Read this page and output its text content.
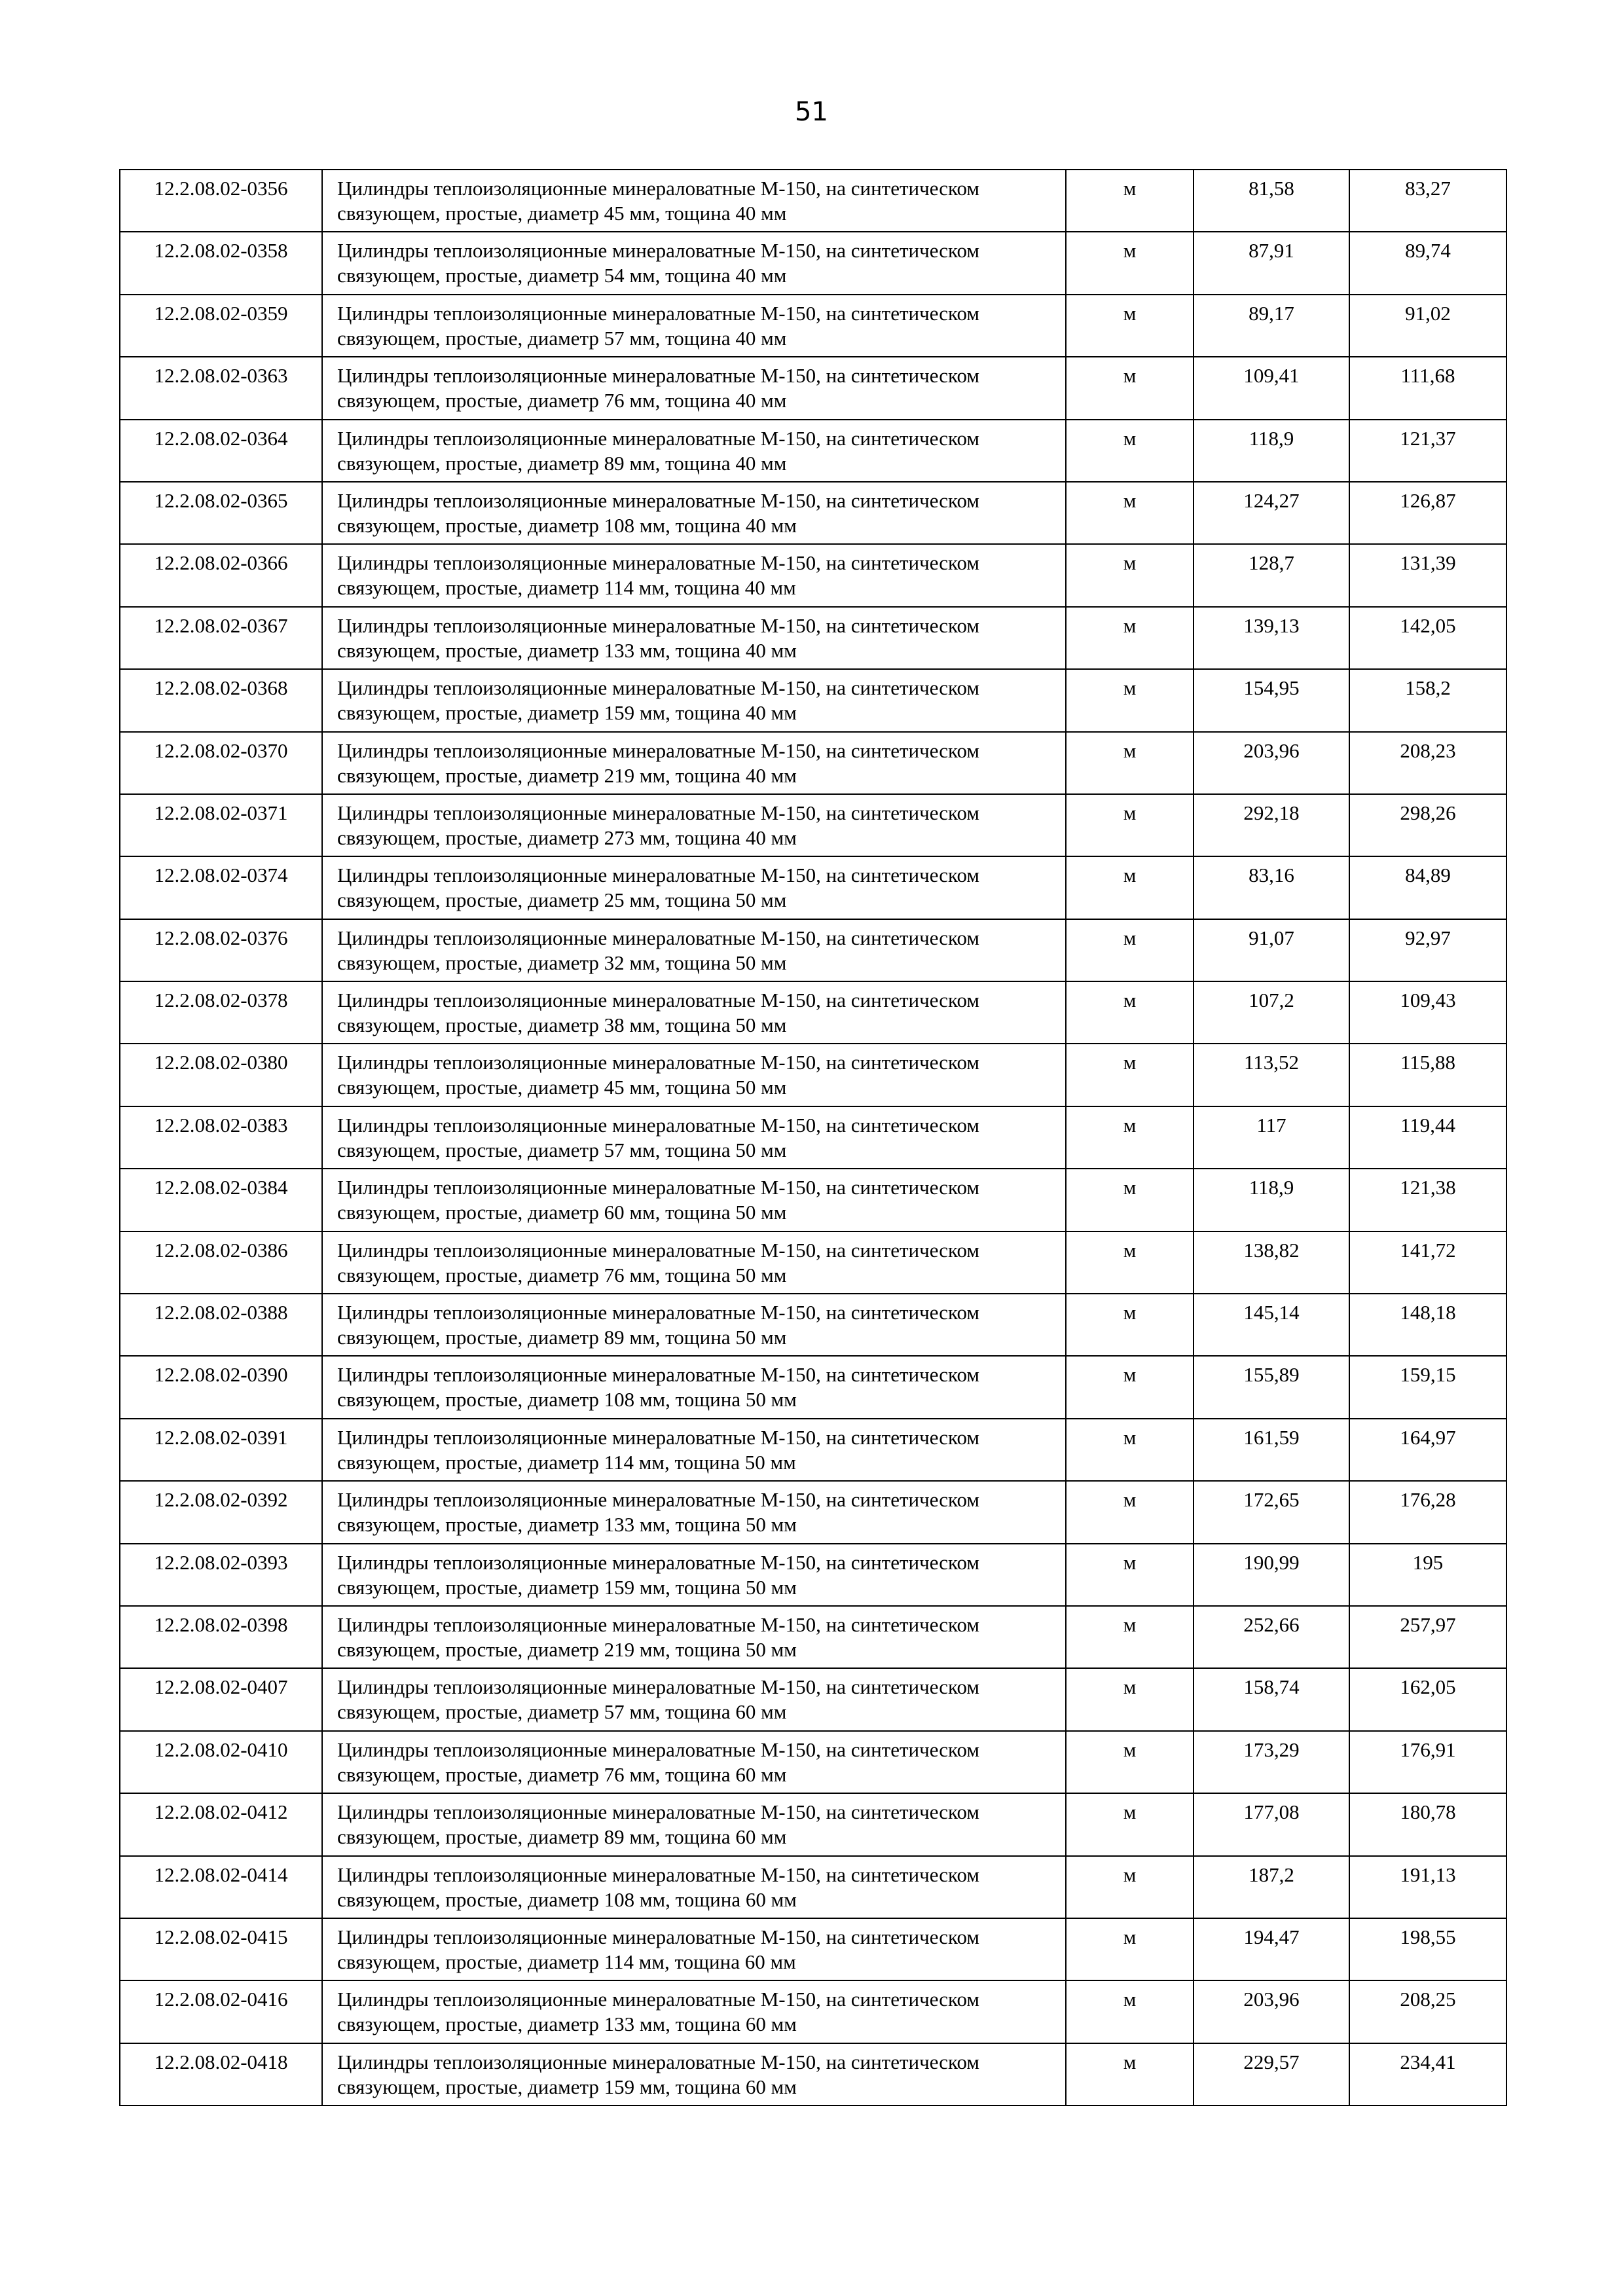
51
12.2.08.02-0356	Цилиндры теплоизоляционные минераловатные М-150, на синтетическом связующем, простые, диаметр 45 мм, тощина 40 мм	м	81,58	83,27
12.2.08.02-0358	Цилиндры теплоизоляционные минераловатные М-150, на синтетическом связующем, простые, диаметр 54 мм, тощина 40 мм	м	87,91	89,74
12.2.08.02-0359	Цилиндры теплоизоляционные минераловатные М-150, на синтетическом связующем, простые, диаметр 57 мм, тощина 40 мм	м	89,17	91,02
12.2.08.02-0363	Цилиндры теплоизоляционные минераловатные М-150, на синтетическом связующем, простые, диаметр 76 мм, тощина 40 мм	м	109,41	111,68
12.2.08.02-0364	Цилиндры теплоизоляционные минераловатные М-150, на синтетическом связующем, простые, диаметр 89 мм, тощина 40 мм	м	118,9	121,37
12.2.08.02-0365	Цилиндры теплоизоляционные минераловатные М-150, на синтетическом связующем, простые, диаметр 108 мм, тощина 40 мм	м	124,27	126,87
12.2.08.02-0366	Цилиндры теплоизоляционные минераловатные М-150, на синтетическом связующем, простые, диаметр 114 мм, тощина 40 мм	м	128,7	131,39
12.2.08.02-0367	Цилиндры теплоизоляционные минераловатные М-150, на синтетическом связующем, простые, диаметр 133 мм, тощина 40 мм	м	139,13	142,05
12.2.08.02-0368	Цилиндры теплоизоляционные минераловатные М-150, на синтетическом связующем, простые, диаметр 159 мм, тощина 40 мм	м	154,95	158,2
12.2.08.02-0370	Цилиндры теплоизоляционные минераловатные М-150, на синтетическом связующем, простые, диаметр 219 мм, тощина 40 мм	м	203,96	208,23
12.2.08.02-0371	Цилиндры теплоизоляционные минераловатные М-150, на синтетическом связующем, простые, диаметр 273 мм, тощина 40 мм	м	292,18	298,26
12.2.08.02-0374	Цилиндры теплоизоляционные минераловатные М-150, на синтетическом связующем, простые, диаметр 25 мм, тощина 50 мм	м	83,16	84,89
12.2.08.02-0376	Цилиндры теплоизоляционные минераловатные М-150, на синтетическом связующем, простые, диаметр 32 мм, тощина 50 мм	м	91,07	92,97
12.2.08.02-0378	Цилиндры теплоизоляционные минераловатные М-150, на синтетическом связующем, простые, диаметр 38 мм, тощина 50 мм	м	107,2	109,43
12.2.08.02-0380	Цилиндры теплоизоляционные минераловатные М-150, на синтетическом связующем, простые, диаметр 45 мм, тощина 50 мм	м	113,52	115,88
12.2.08.02-0383	Цилиндры теплоизоляционные минераловатные М-150, на синтетическом связующем, простые, диаметр 57 мм, тощина 50 мм	м	117	119,44
12.2.08.02-0384	Цилиндры теплоизоляционные минераловатные М-150, на синтетическом связующем, простые, диаметр 60 мм, тощина 50 мм	м	118,9	121,38
12.2.08.02-0386	Цилиндры теплоизоляционные минераловатные М-150, на синтетическом связующем, простые, диаметр 76 мм, тощина 50 мм	м	138,82	141,72
12.2.08.02-0388	Цилиндры теплоизоляционные минераловатные М-150, на синтетическом связующем, простые, диаметр 89 мм, тощина 50 мм	м	145,14	148,18
12.2.08.02-0390	Цилиндры теплоизоляционные минераловатные М-150, на синтетическом связующем, простые, диаметр 108 мм, тощина 50 мм	м	155,89	159,15
12.2.08.02-0391	Цилиндры теплоизоляционные минераловатные М-150, на синтетическом связующем, простые, диаметр 114 мм, тощина 50 мм	м	161,59	164,97
12.2.08.02-0392	Цилиндры теплоизоляционные минераловатные М-150, на синтетическом связующем, простые, диаметр 133 мм, тощина 50 мм	м	172,65	176,28
12.2.08.02-0393	Цилиндры теплоизоляционные минераловатные М-150, на синтетическом связующем, простые, диаметр 159 мм, тощина 50 мм	м	190,99	195
12.2.08.02-0398	Цилиндры теплоизоляционные минераловатные М-150, на синтетическом связующем, простые, диаметр 219 мм, тощина 50 мм	м	252,66	257,97
12.2.08.02-0407	Цилиндры теплоизоляционные минераловатные М-150, на синтетическом связующем, простые, диаметр 57 мм, тощина 60 мм	м	158,74	162,05
12.2.08.02-0410	Цилиндры теплоизоляционные минераловатные М-150, на синтетическом связующем, простые, диаметр 76 мм, тощина 60 мм	м	173,29	176,91
12.2.08.02-0412	Цилиндры теплоизоляционные минераловатные М-150, на синтетическом связующем, простые, диаметр 89 мм, тощина 60 мм	м	177,08	180,78
12.2.08.02-0414	Цилиндры теплоизоляционные минераловатные М-150, на синтетическом связующем, простые, диаметр 108 мм, тощина 60 мм	м	187,2	191,13
12.2.08.02-0415	Цилиндры теплоизоляционные минераловатные М-150, на синтетическом связующем, простые, диаметр 114 мм, тощина 60 мм	м	194,47	198,55
12.2.08.02-0416	Цилиндры теплоизоляционные минераловатные М-150, на синтетическом связующем, простые, диаметр 133 мм, тощина 60 мм	м	203,96	208,25
12.2.08.02-0418	Цилиндры теплоизоляционные минераловатные М-150, на синтетическом связующем, простые, диаметр 159 мм, тощина 60 мм	м	229,57	234,41
